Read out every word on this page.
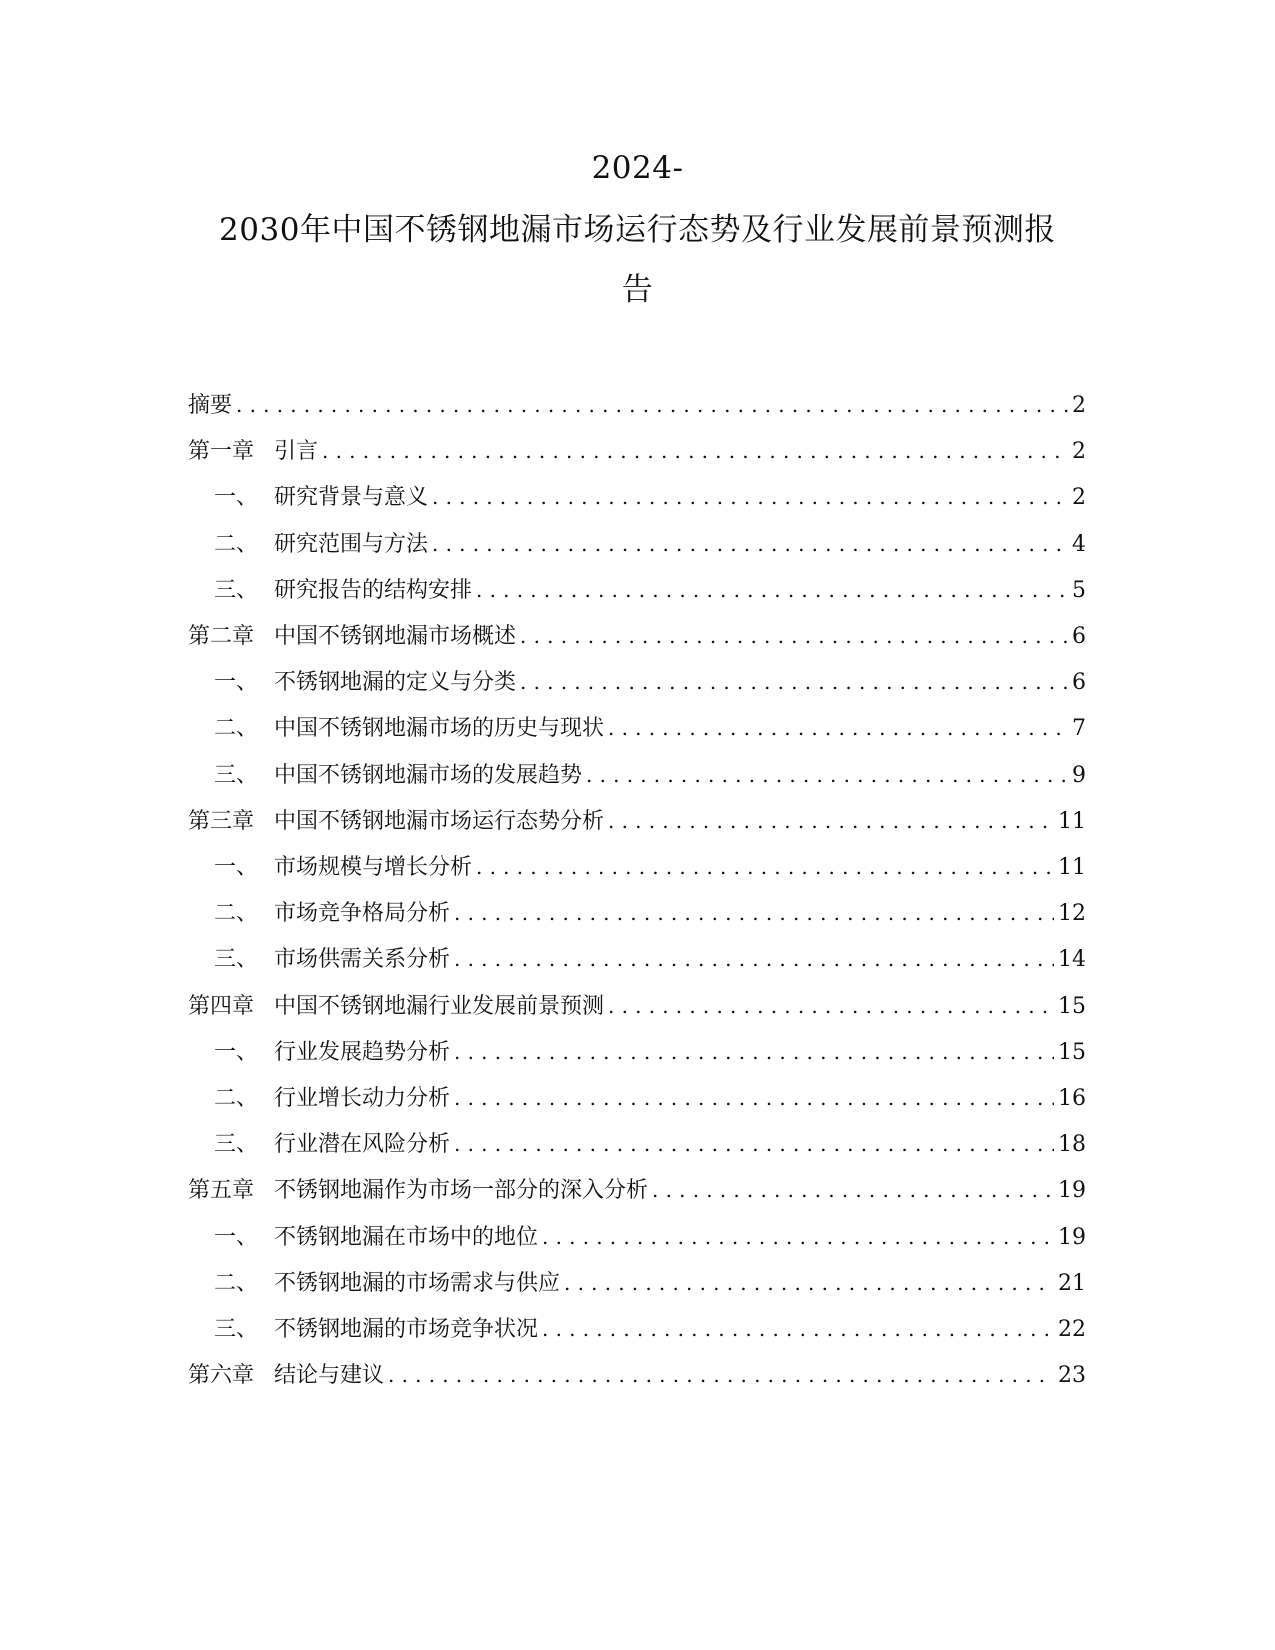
2024-
2030年中国不锈钢地漏市场运行态势及行业发展前景预测报
告
摘要 .....	2
第一章 引言 .....	2
一、 研究背景与意义 .....	2
二、 研究范围与方法 .....	4
三、 研究报告的结构安排 .....	5
第二章 中国不锈钢地漏市场概述 .....	6
一、 不锈钢地漏的定义与分类 .....	6
二、 中国不锈钢地漏市场的历史与现状 .....	7
三、 中国不锈钢地漏市场的发展趋势 .....	9
第三章 中国不锈钢地漏市场运行态势分析 .....	11
一、 市场规模与增长分析 .....	11
二、 市场竞争格局分析 .....	12
三、 市场供需关系分析 .....	14
第四章 中国不锈钢地漏行业发展前景预测 .....	15
一、 行业发展趋势分析 .....	15
二、 行业增长动力分析 .....	16
三、 行业潜在风险分析 .....	18
第五章 不锈钢地漏作为市场一部分的深入分析 .....	19
一、 不锈钢地漏在市场中的地位 .....	19
二、 不锈钢地漏的市场需求与供应 .....	21
三、 不锈钢地漏的市场竞争状况 .....	22
第六章 结论与建议 .....	23
